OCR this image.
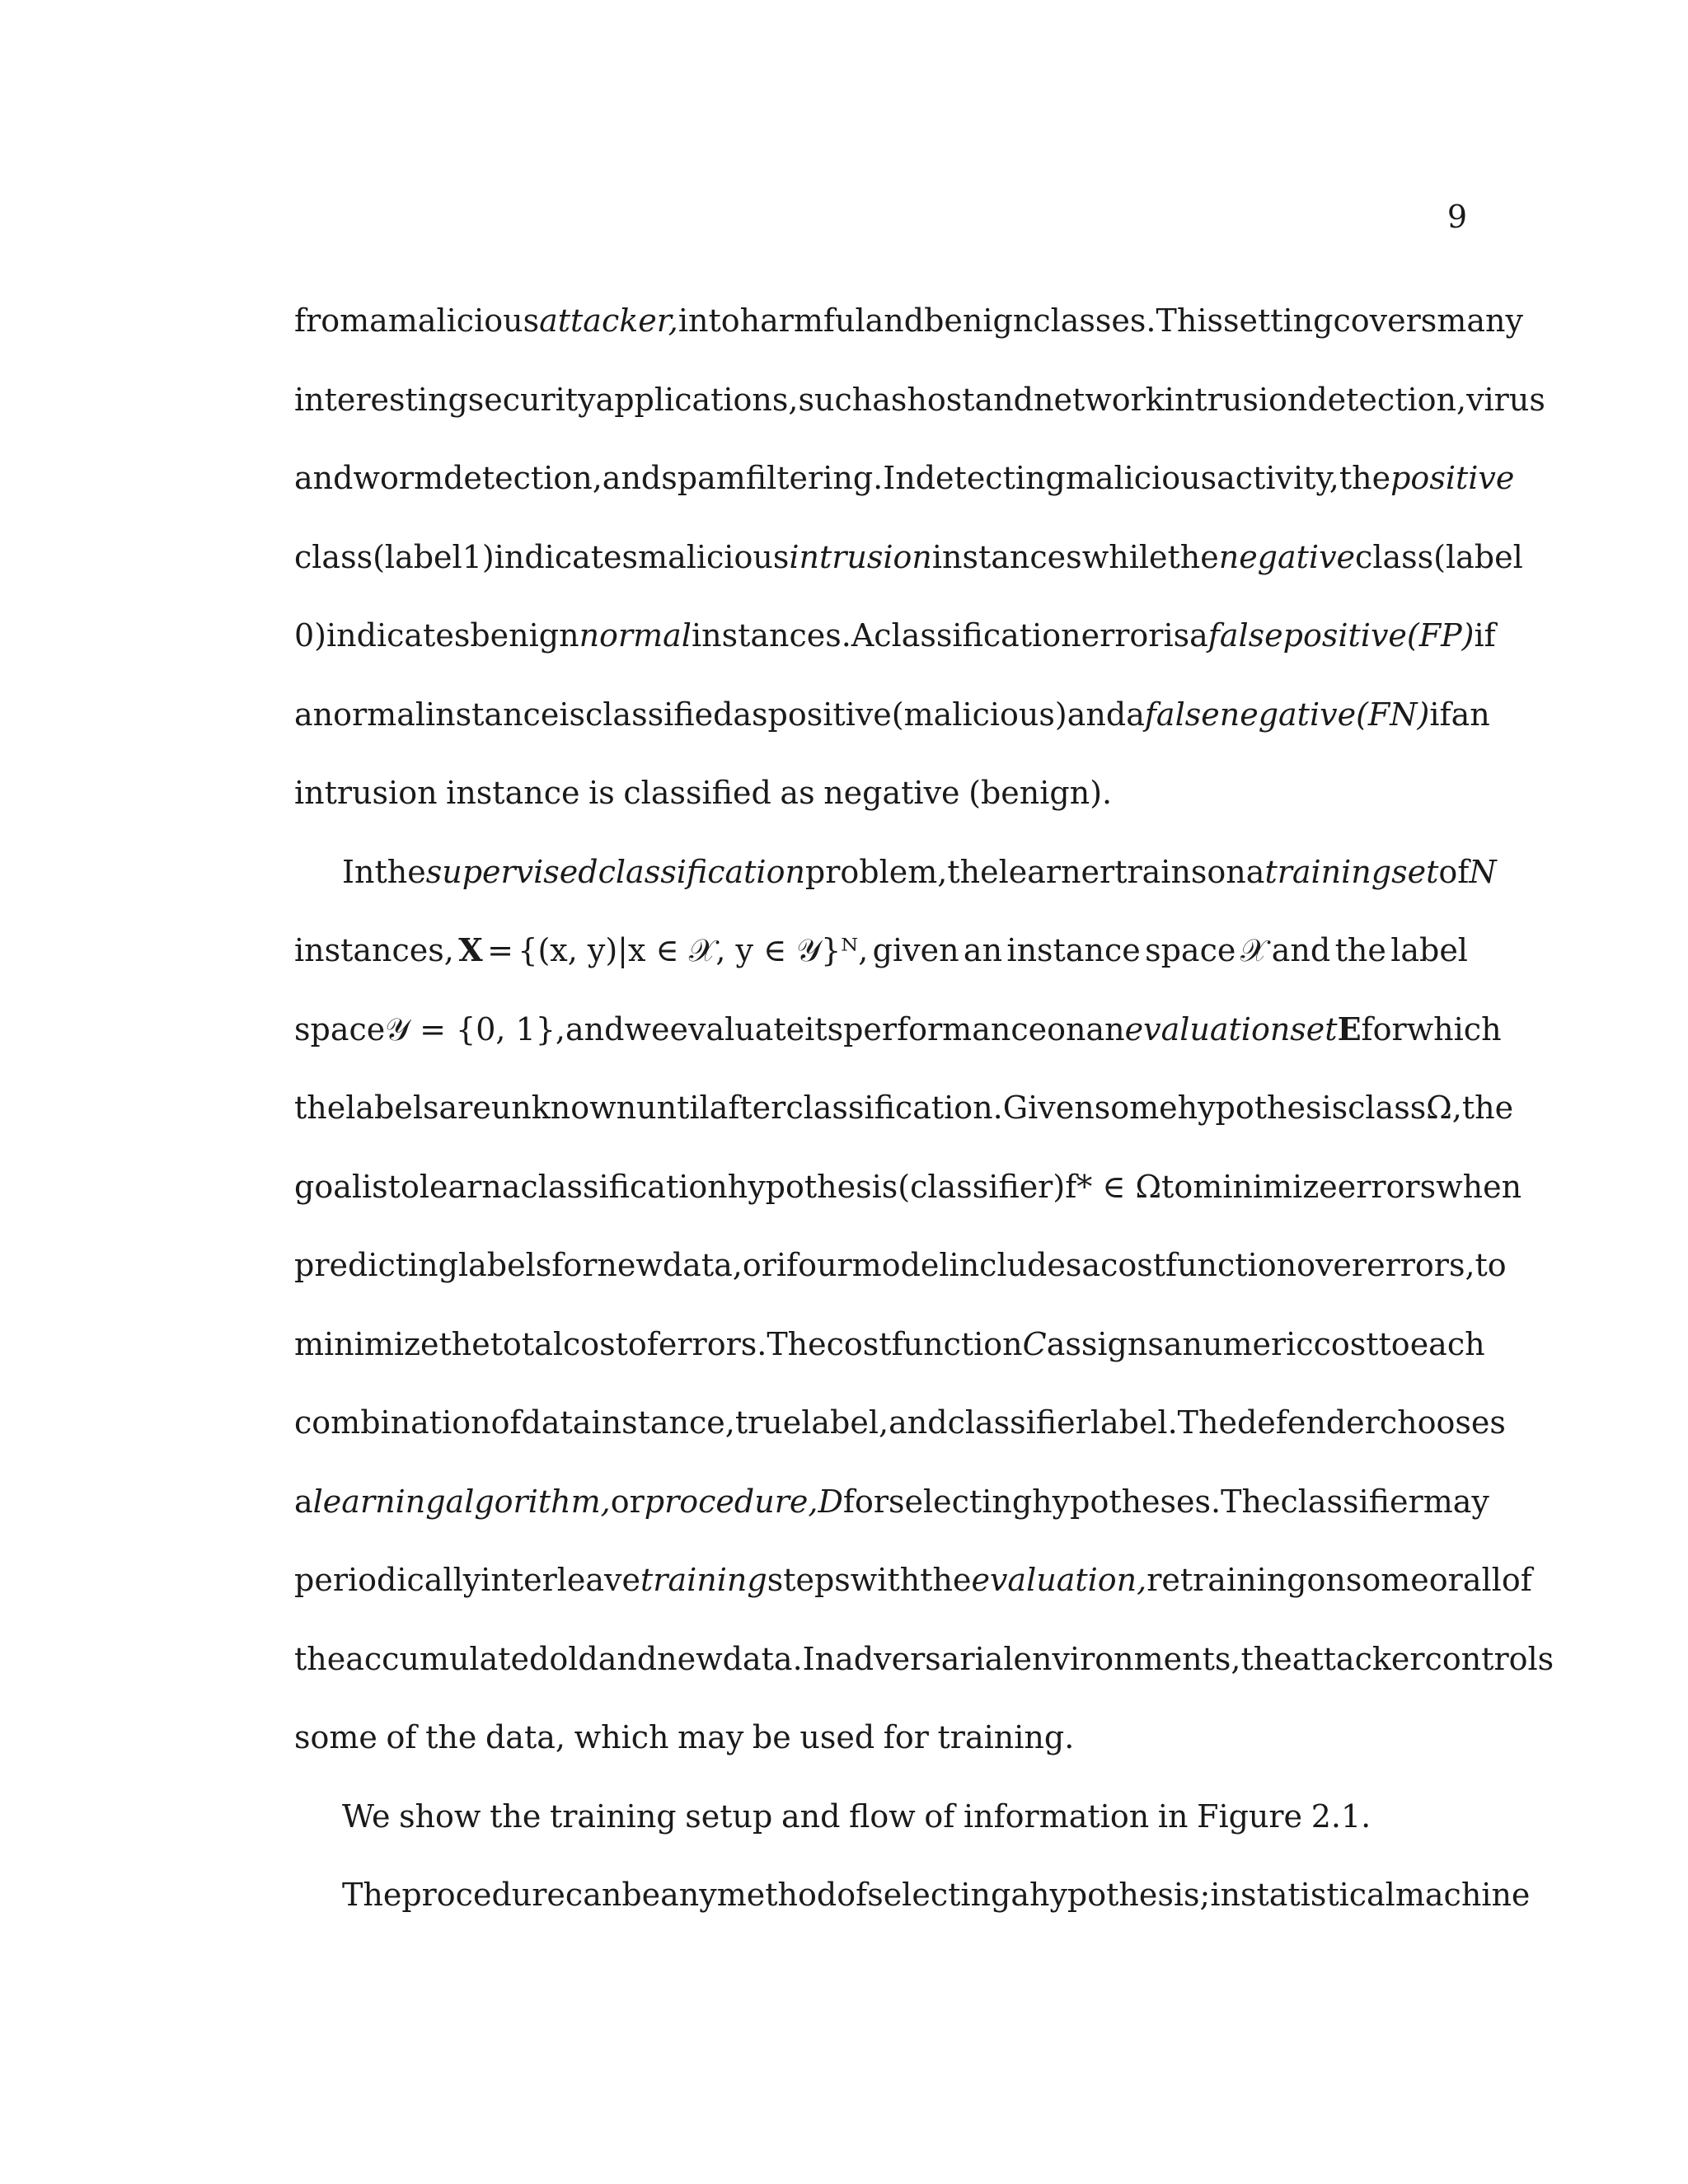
9
from a malicious attacker, into harmful and benign classes. This setting covers many
interesting security applications, such as host and network intrusion detection, virus
and worm detection, and spam filtering. In detecting malicious activity, the positive
class (label 1) indicates malicious intrusion instances while the negative class (label
0) indicates benign normal instances. A classification error is a false positive (FP) if
a normal instance is classified as positive (malicious) and a false negative (FN) if an
intrusion instance is classified as negative (benign).
In the supervised classification problem, the learner trains on a training set of N
instances, X = {(x, y)|x ∈ 𝒳, y ∈ 𝒴}ᴺ, given an instance space 𝒳 and the label
space 𝒴 = {0, 1}, and we evaluate its performance on an evaluation set E for which
the labels are unknown until after classification. Given some hypothesis class Ω, the
goal is to learn a classification hypothesis (classifier) f* ∈ Ω to minimize errors when
predicting labels for new data, or if our model includes a cost function over errors, to
minimize the total cost of errors. The cost function C assigns a numeric cost to each
combination of data instance, true label, and classifier label. The defender chooses
a learning algorithm, or procedure, D for selecting hypotheses. The classifier may
periodically interleave training steps with the evaluation, retraining on some or all of
the accumulated old and new data. In adversarial environments, the attacker controls
some of the data, which may be used for training.
We show the training setup and flow of information in Figure 2.1.
The procedure can be any method of selecting a hypothesis; in statistical machine
